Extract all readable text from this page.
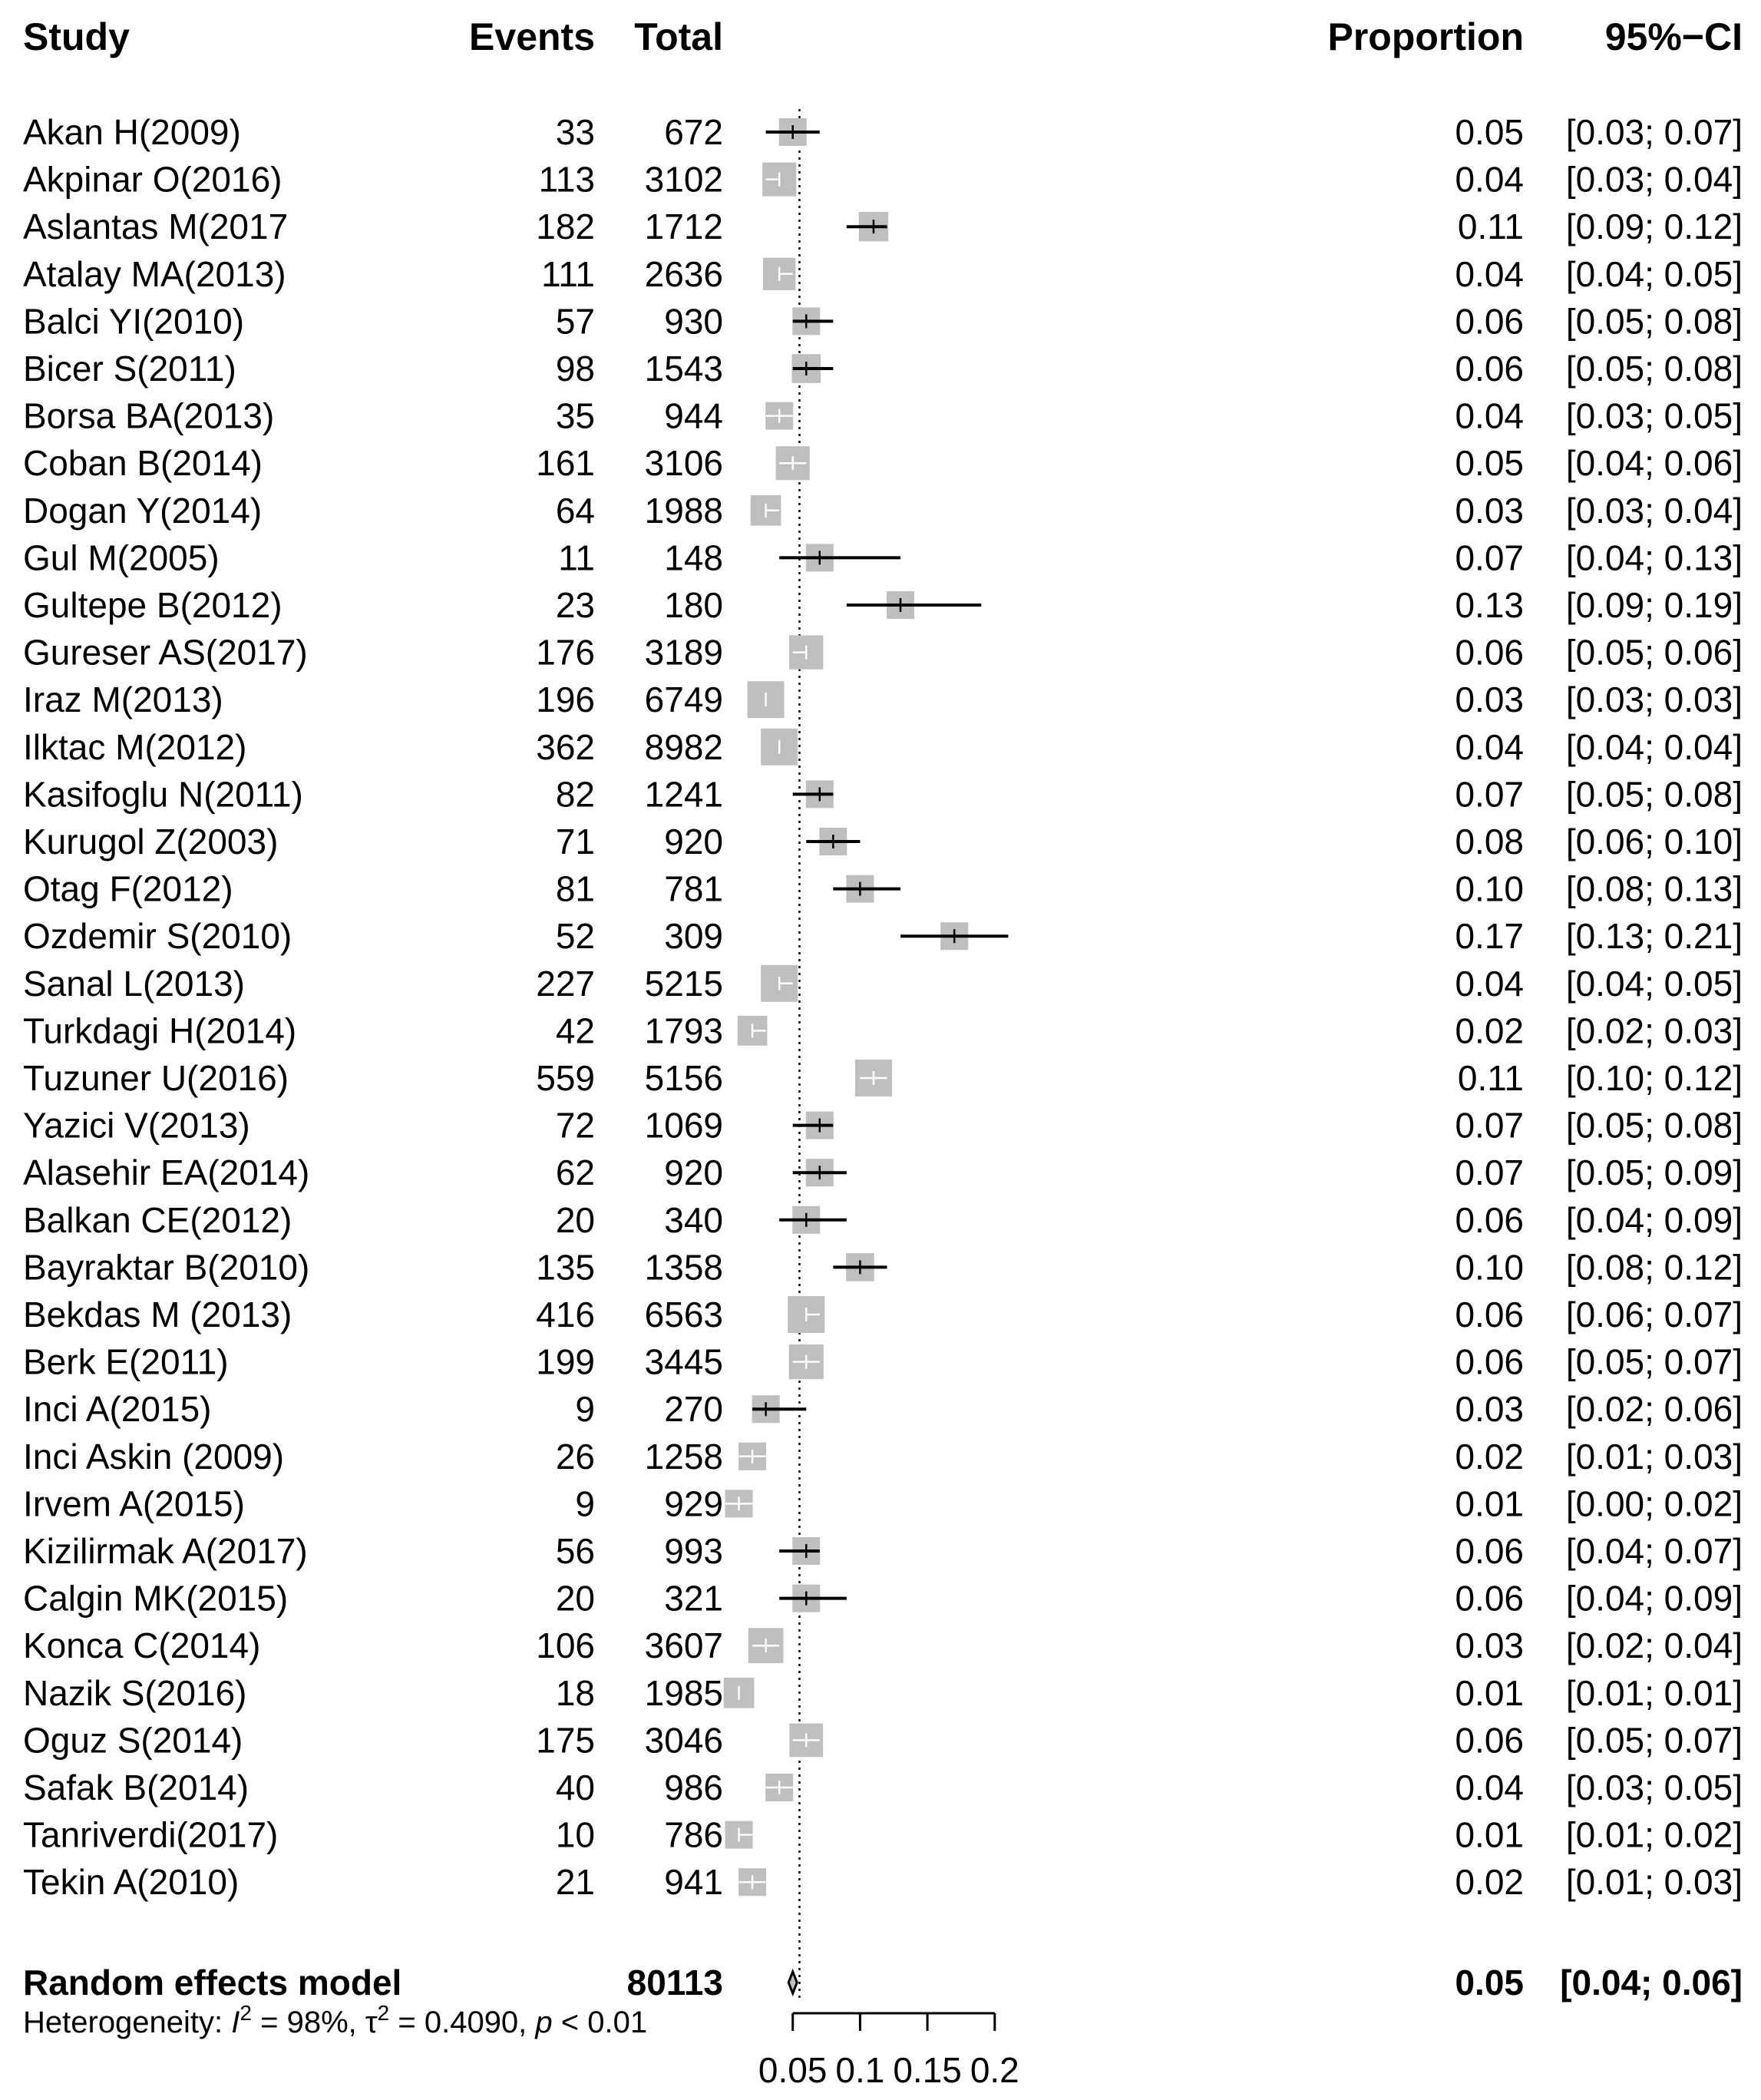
Study	Events Total	Proportion 95%−CI
Akan H(2009)	33 672	0.05 [0.03; 0.07]
Akpinar O(2016)	113 3102	0.04 [0.03; 0.04]
Aslantas M(2017	182 1712	0.11 [0.09; 0.12]
Atalay MA(2013)	111 2636	0.04 [0.04; 0.05]
Balci YI(2010)	57 930	0.06 [0.05; 0.08]
Bicer S(2011)	98 1543	0.06 [0.05; 0.08]
Borsa BA(2013)	35 944	0.04 [0.03; 0.05]
Coban B(2014)	161 3106	0.05 [0.04; 0.06]
Dogan Y(2014)	64 1988	0.03 [0.03; 0.04]
Gul M(2005)	11 148	0.07 [0.04; 0.13]
Gultepe B(2012)	23 180	0.13 [0.09; 0.19]
Gureser AS(2017)	176 3189	0.06 [0.05; 0.06]
Iraz M(2013)	196 6749	0.03 [0.03; 0.03]
Ilktac M(2012)	362 8982	0.04 [0.04; 0.04]
Kasifoglu N(2011)	82 1241	0.07 [0.05; 0.08]
Kurugol Z(2003)	71 920	0.08 [0.06; 0.10]
Otag F(2012)	81 781	0.10 [0.08; 0.13]
Ozdemir S(2010)	52 309	0.17 [0.13; 0.21]
Sanal L(2013)	227 5215	0.04 [0.04; 0.05]
Turkdagi H(2014)	42 1793	0.02 [0.02; 0.03]
Tuzuner U(2016)	559 5156	0.11 [0.10; 0.12]
Yazici V(2013)	72 1069	0.07 [0.05; 0.08]
Alasehir EA(2014)	62 920	0.07 [0.05; 0.09]
Balkan CE(2012)	20 340	0.06 [0.04; 0.09]
Bayraktar B(2010)	135 1358	0.10 [0.08; 0.12]
Bekdas M (2013)	416 6563	0.06 [0.06; 0.07]
Berk E(2011)	199 3445	0.06 [0.05; 0.07]
Inci A(2015)	9 270	0.03 [0.02; 0.06]
Inci Askin (2009)	26 1258	0.02 [0.01; 0.03]
Irvem A(2015)	9 929	0.01 [0.00; 0.02]
Kizilirmak A(2017)	56 993	0.06 [0.04; 0.07]
Calgin MK(2015)	20 321	0.06 [0.04; 0.09]
Konca C(2014)	106 3607	0.03 [0.02; 0.04]
Nazik S(2016)	18 1985	0.01 [0.01; 0.01]
Oguz S(2014)	175 3046	0.06 [0.05; 0.07]
Safak B(2014)	40 986	0.04 [0.03; 0.05]
Tanriverdi(2017)	10 786	0.01 [0.01; 0.02]
Tekin A(2010)	21 941	0.02 [0.01; 0.03]
Random effects model	80113	0.05 [0.04; 0.06]
Heterogeneity: $I^2 = 98\%$, $\tau^2 = 0.4090$, p < 0.01
0.05 0.1 0.15 0.2
